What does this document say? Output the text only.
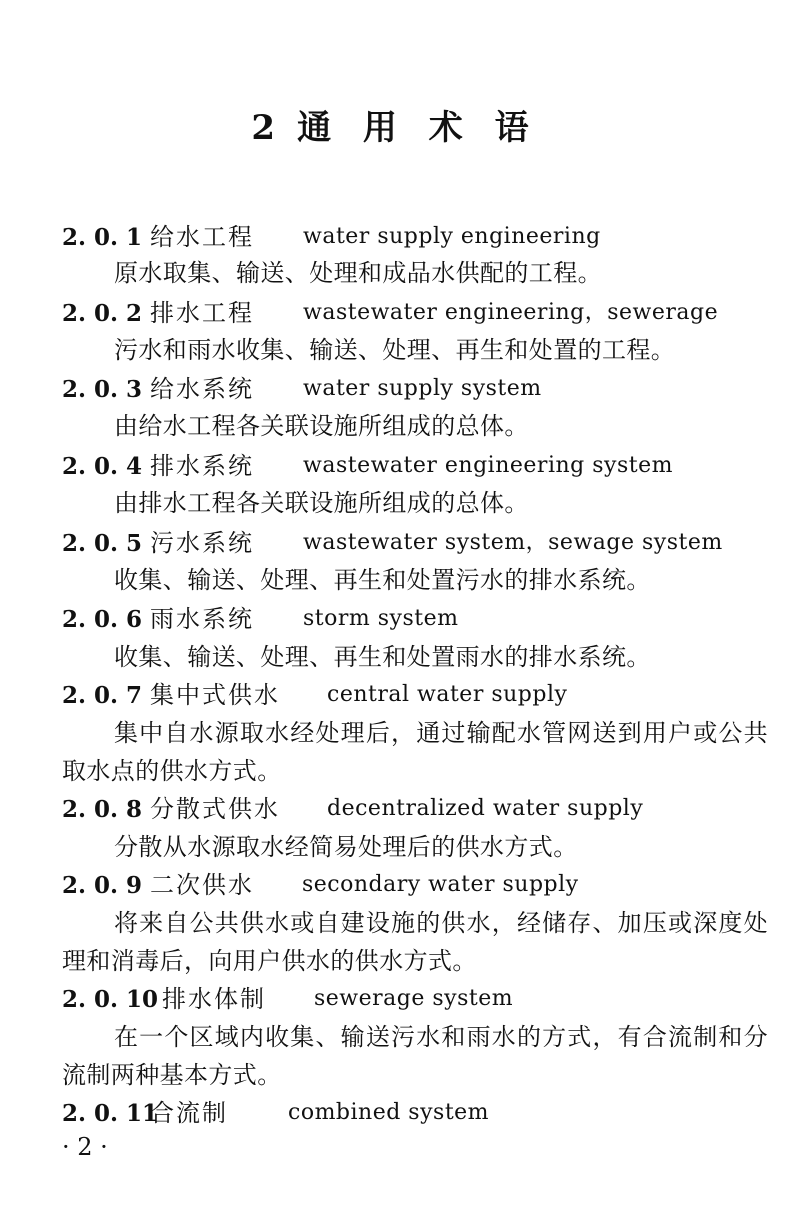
2 通 用 术 语
2. 0. 1 给水工程 water supply engineering
原水取集、输送、处理和成品水供配的工程。
2. 0. 2 排水工程 wastewater engineering，sewerage
污水和雨水收集、输送、处理、再生和处置的工程。
2. 0. 3 给水系统 water supply system
由给水工程各关联设施所组成的总体。
2. 0. 4 排水系统 wastewater engineering system
由排水工程各关联设施所组成的总体。
2. 0. 5 污水系统 wastewater system，sewage system
收集、输送、处理、再生和处置污水的排水系统。
2. 0. 6 雨水系统 storm system
收集、输送、处理、再生和处置雨水的排水系统。
2. 0. 7 集中式供水 central water supply
集中自水源取水经处理后，通过输配水管网送到用户或公共取水点的供水方式。
2. 0. 8 分散式供水 decentralized water supply
分散从水源取水经简易处理后的供水方式。
2. 0. 9 二次供水 secondary water supply
将来自公共供水或自建设施的供水，经储存、加压或深度处理和消毒后，向用户供水的供水方式。
2. 0. 10 排水体制 sewerage system
在一个区域内收集、输送污水和雨水的方式，有合流制和分流制两种基本方式。
2. 0. 11合流制	combined system
· 2 ·
